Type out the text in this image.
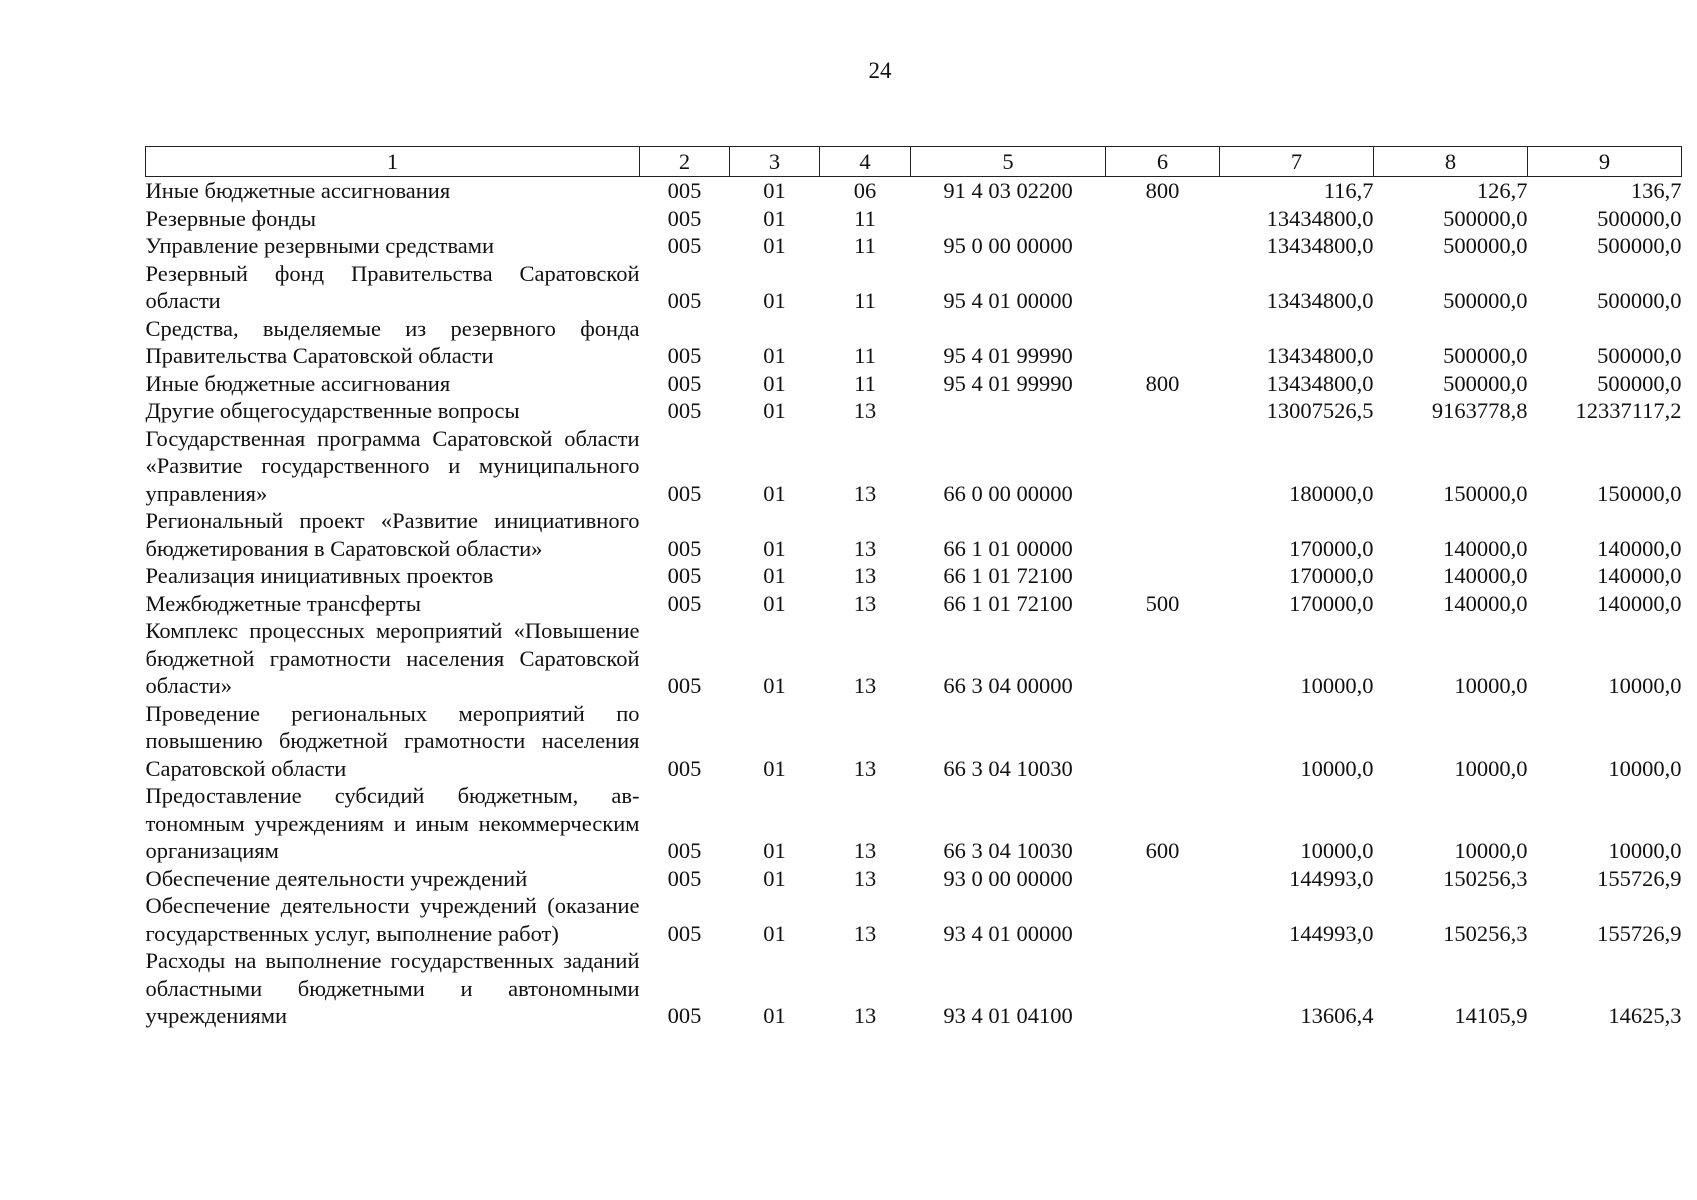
24
1	2	3	4	5	6	7	8	9
Иные бюджетные ассигнования	005	01	06	91 4 03 02200	800	116,7	126,7	136,7
Резервные фонды	005	01	11			13434800,0	500000,0	500000,0
Управление резервными средствами	005	01	11	95 0 00 00000		13434800,0	500000,0	500000,0
Резервный фонд Правительства Саратовской области	005	01	11	95 4 01 00000		13434800,0	500000,0	500000,0
Средства, выделяемые из резервного фонда Правительства Саратовской области	005	01	11	95 4 01 99990		13434800,0	500000,0	500000,0
Иные бюджетные ассигнования	005	01	11	95 4 01 99990	800	13434800,0	500000,0	500000,0
Другие общегосударственные вопросы	005	01	13			13007526,5	9163778,8	12337117,2
Государственная программа Саратовской области «Развитие государственного и муниципального управления»	005	01	13	66 0 00 00000		180000,0	150000,0	150000,0
Региональный проект «Развитие инициативного бюджетирования в Саратовской области»	005	01	13	66 1 01 00000		170000,0	140000,0	140000,0
Реализация инициативных проектов	005	01	13	66 1 01 72100		170000,0	140000,0	140000,0
Межбюджетные трансферты	005	01	13	66 1 01 72100	500	170000,0	140000,0	140000,0
Комплекс процессных мероприятий «Повышение бюджетной грамотности населения Саратовской области»	005	01	13	66 3 04 00000		10000,0	10000,0	10000,0
Проведение региональных мероприятий по повышению бюджетной грамотности населения Саратовской области	005	01	13	66 3 04 10030		10000,0	10000,0	10000,0
Предоставление субсидий бюджетным, автономным учреждениям и иным некоммерческим организациям	005	01	13	66 3 04 10030	600	10000,0	10000,0	10000,0
Обеспечение деятельности учреждений	005	01	13	93 0 00 00000		144993,0	150256,3	155726,9
Обеспечение деятельности учреждений (оказание государственных услуг, выполнение работ)	005	01	13	93 4 01 00000		144993,0	150256,3	155726,9
Расходы на выполнение государственных заданий областными бюджетными и автономными учреждениями	005	01	13	93 4 01 04100		13606,4	14105,9	14625,3
